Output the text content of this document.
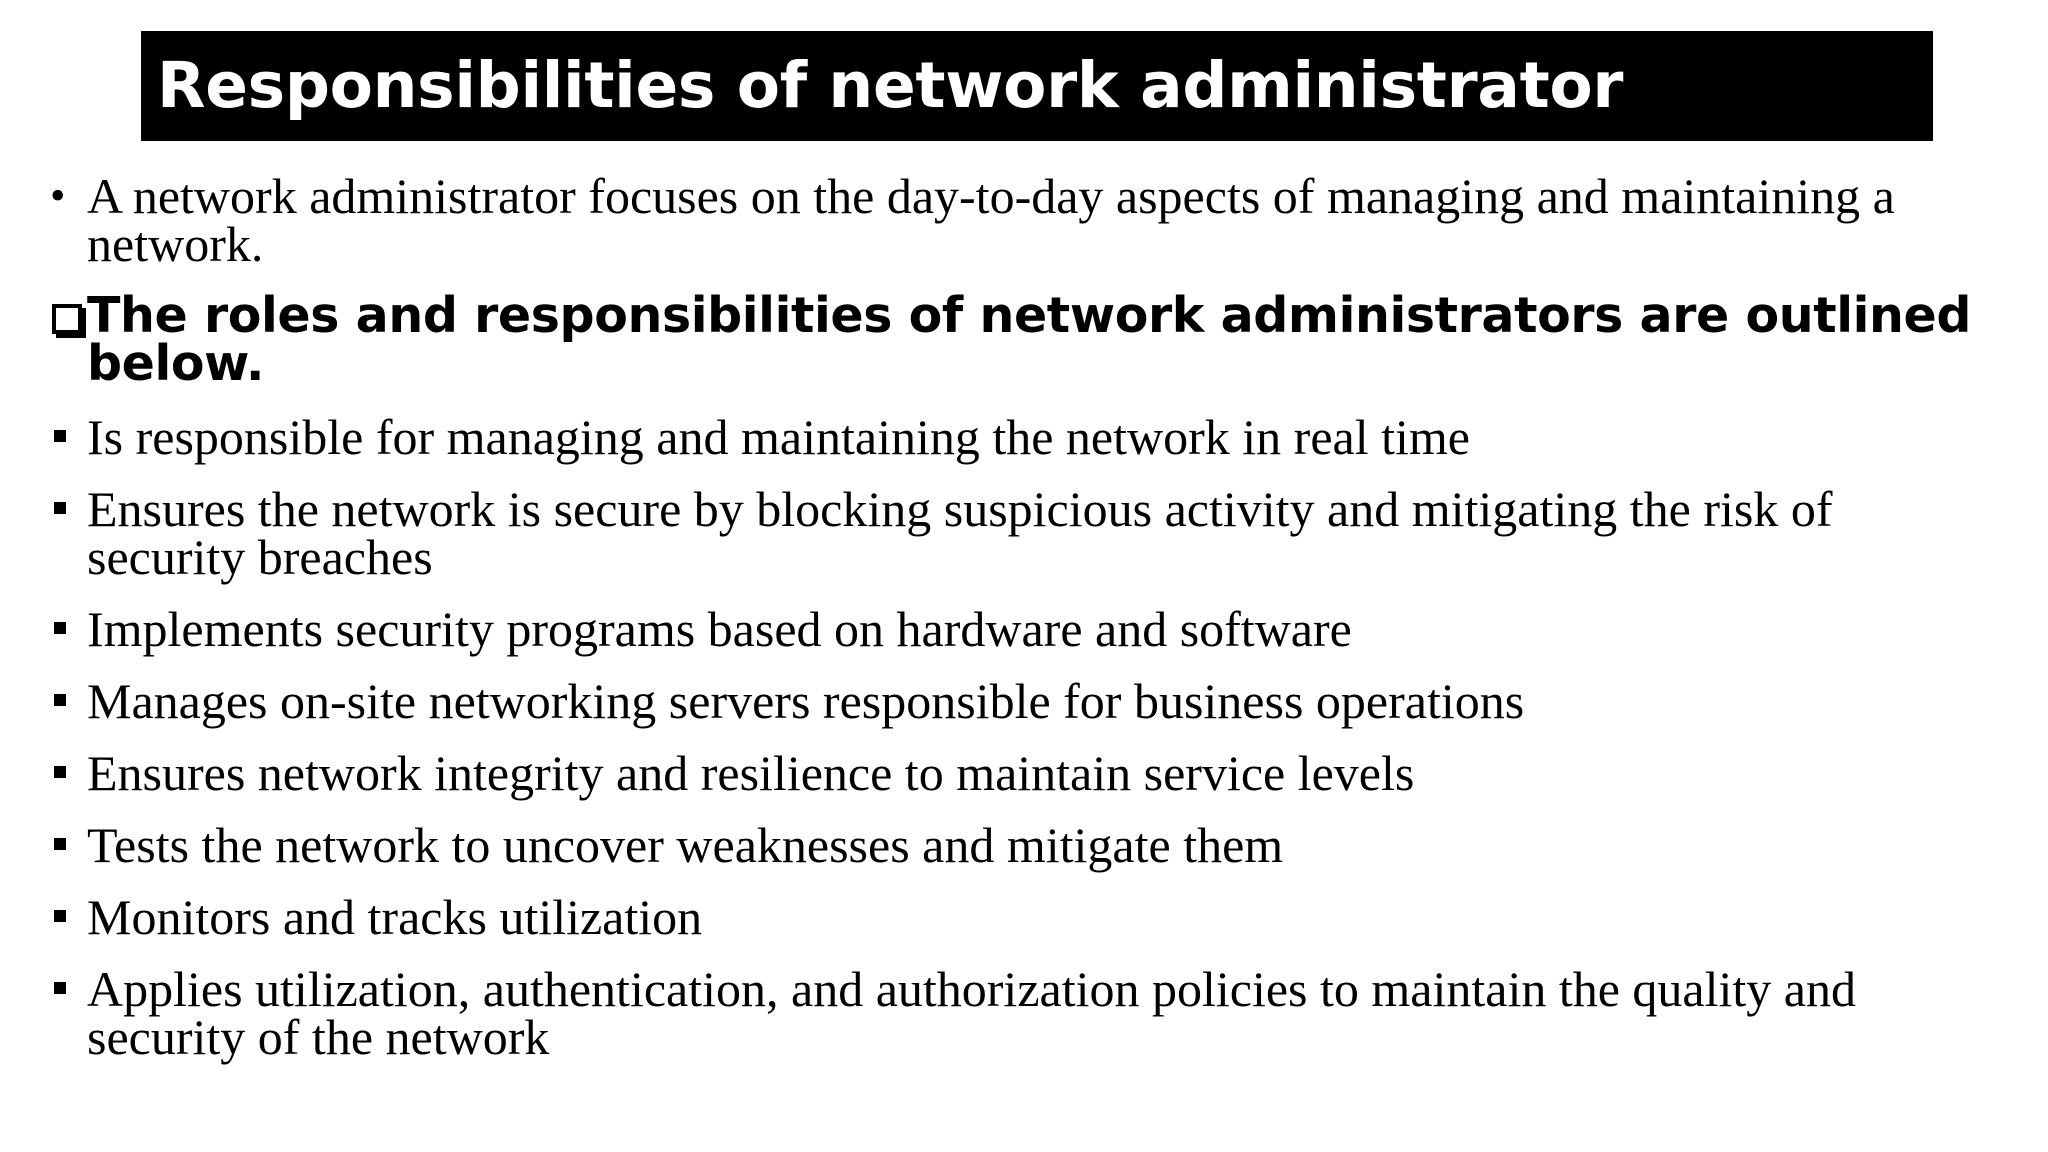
Responsibilities of network administrator
• A network administrator focuses on the day-to-day aspects of managing and maintaining a network.
The roles and responsibilities of network administrators are outlined below.
Is responsible for managing and maintaining the network in real time
Ensures the network is secure by blocking suspicious activity and mitigating the risk of security breaches
Implements security programs based on hardware and software
Manages on-site networking servers responsible for business operations
Ensures network integrity and resilience to maintain service levels
Tests the network to uncover weaknesses and mitigate them
Monitors and tracks utilization
Applies utilization, authentication, and authorization policies to maintain the quality and security of the network
